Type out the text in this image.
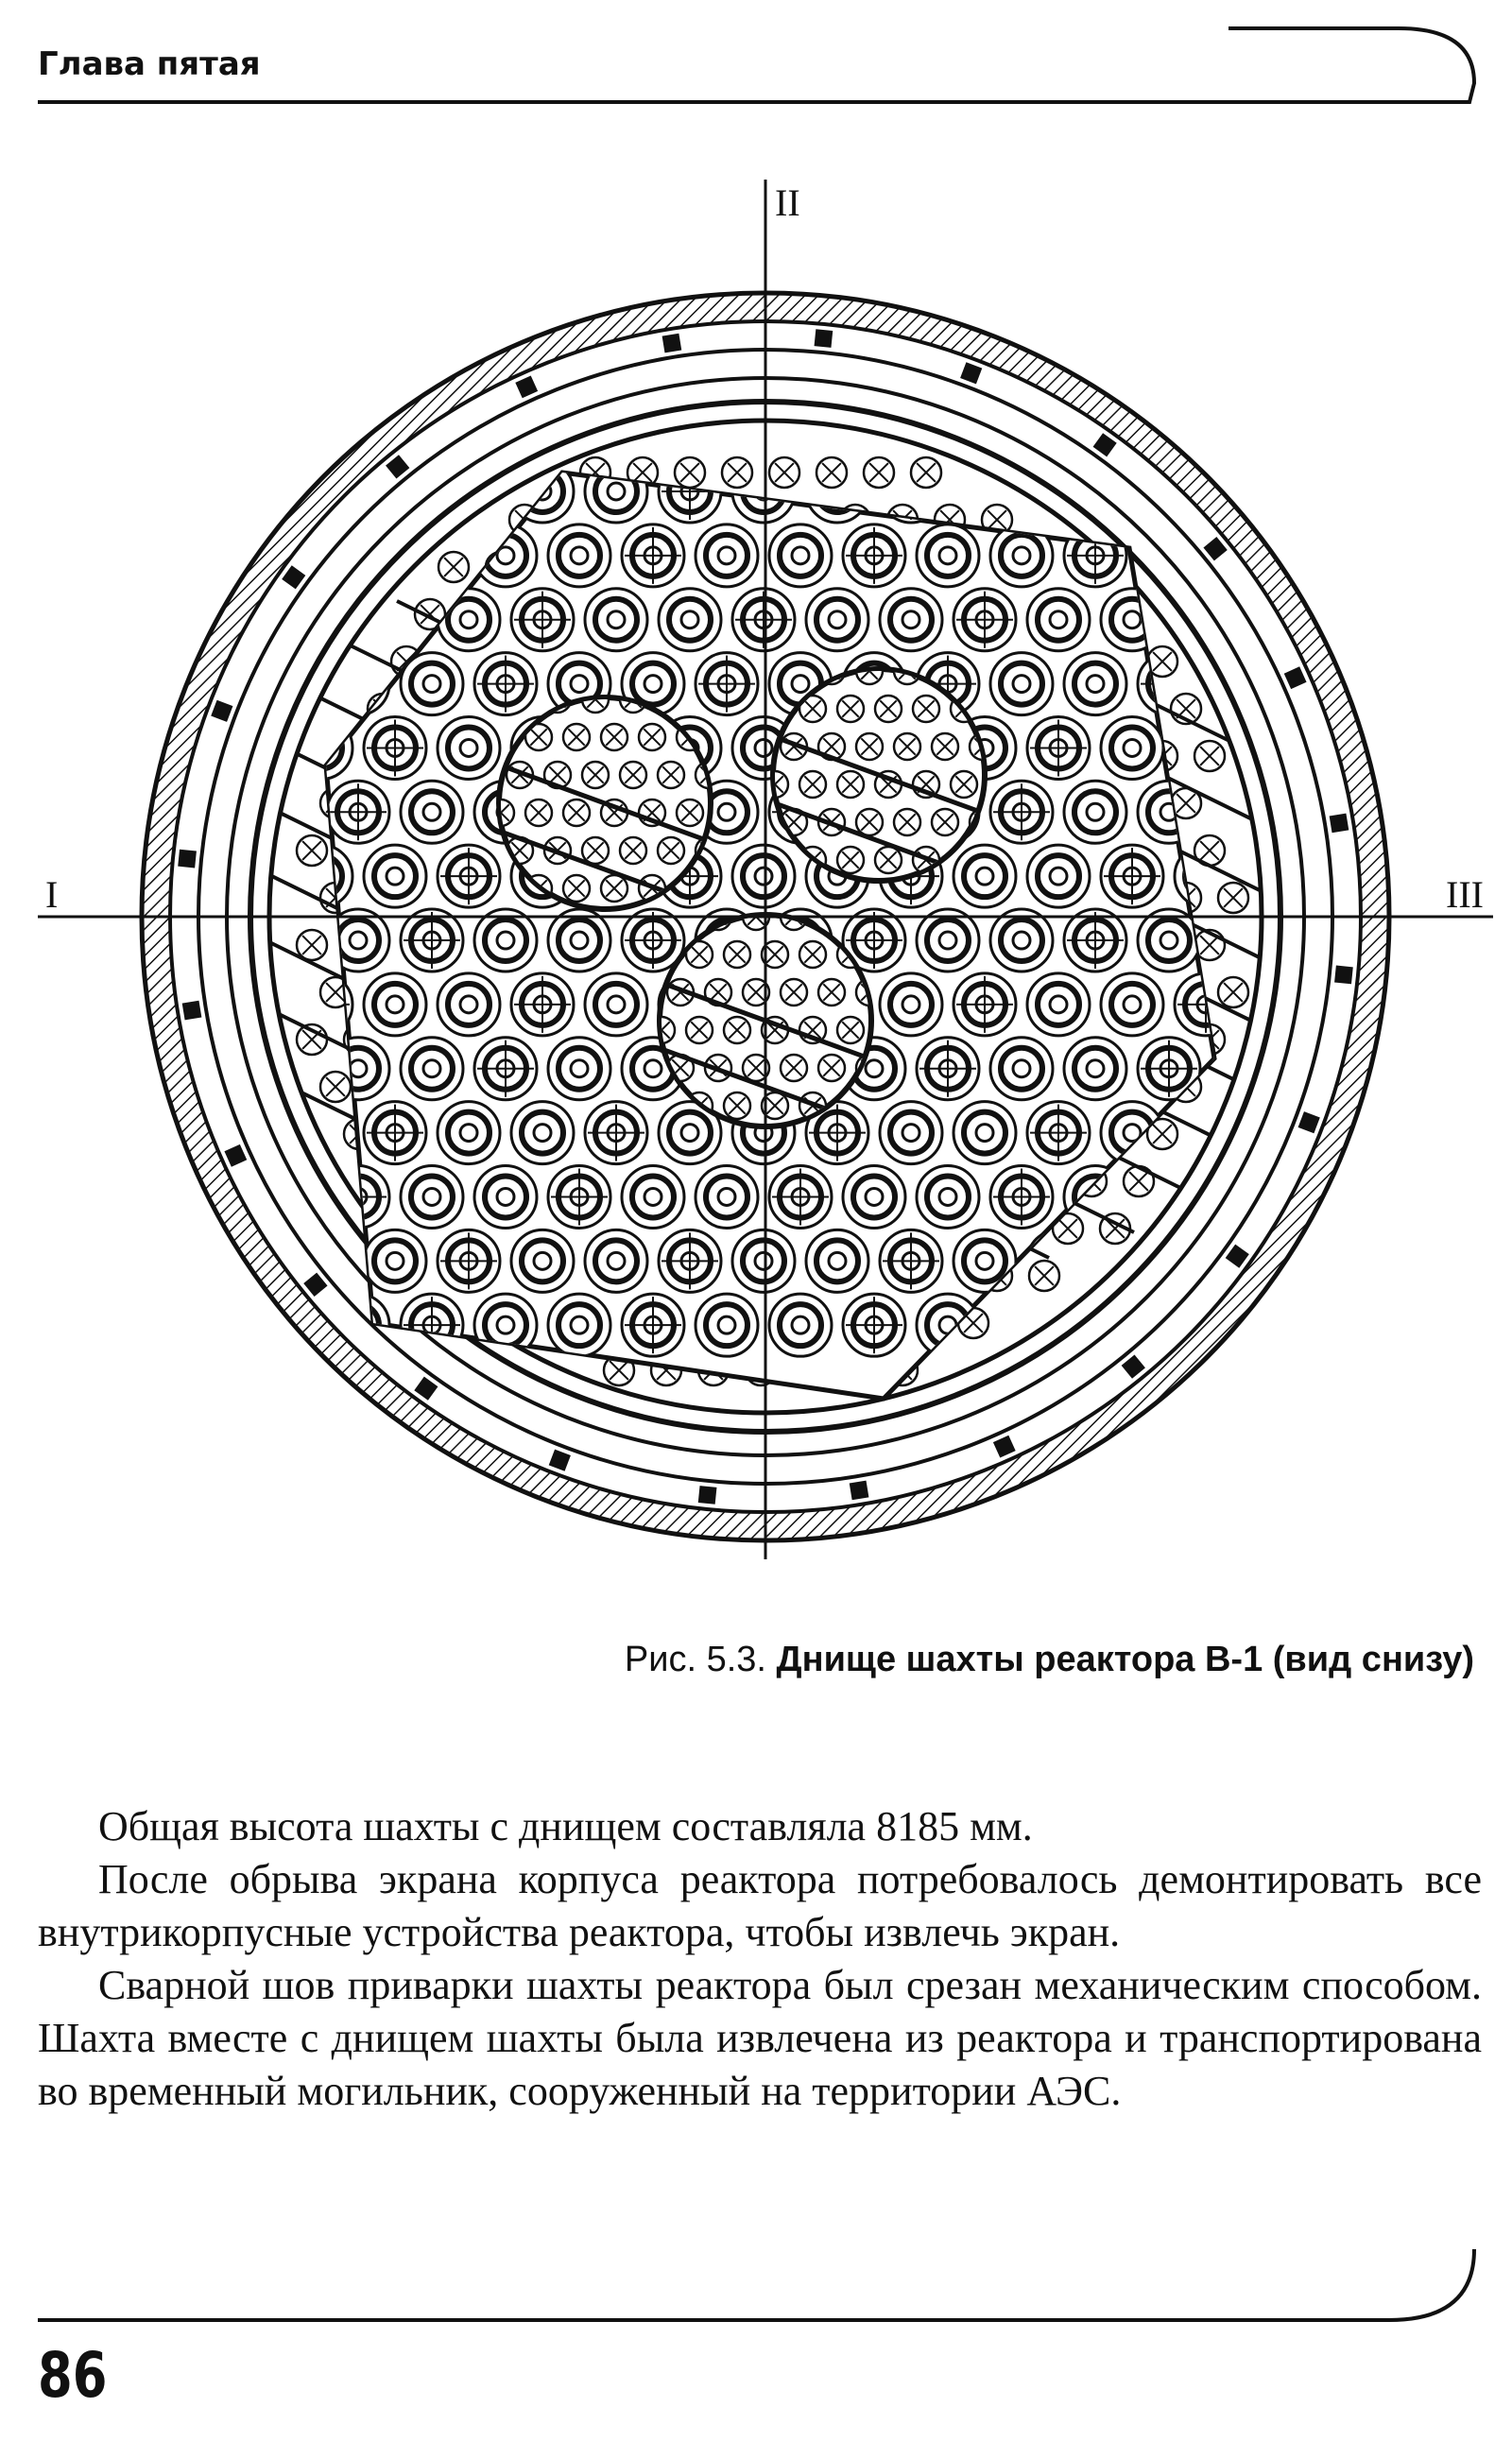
Глава пятая
II
I	III
Рис. 5.3. Днище шахты реактора В-1 (вид снизу)

Общая высота шахты с днищем составляла 8185 мм.

После обрыва экрана корпуса реактора потребовалось демонтировать все внутрикорпусные устройства реактора, чтобы извлечь экран.

Сварной шов приварки шахты реактора был срезан механическим способом. Шахта вместе с днищем шахты была извлечена из реактора и транспортирована во временный могильник, сооруженный на территории АЭС.

86
